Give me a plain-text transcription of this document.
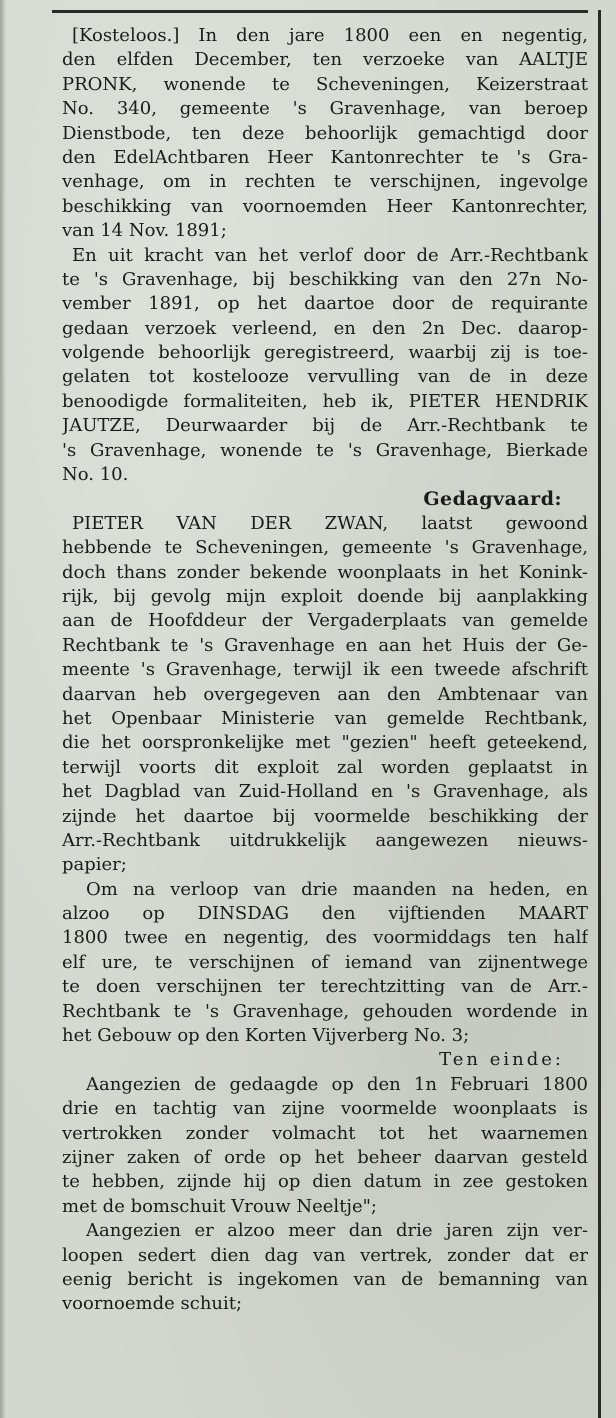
[Kosteloos.] In den jare 1800 een en negentig,
den elfden December, ten verzoeke van AALTJE
PRONK, wonende te Scheveningen, Keizerstraat
No. 340, gemeente 's Gravenhage, van beroep
Dienstbode, ten deze behoorlijk gemachtigd door
den EdelAchtbaren Heer Kantonrechter te 's Gra-
venhage, om in rechten te verschijnen, ingevolge
beschikking van voornoemden Heer Kantonrechter,
van 14 Nov. 1891;
En uit kracht van het verlof door de Arr.-Rechtbank
te 's Gravenhage, bij beschikking van den 27n No-
vember 1891, op het daartoe door de requirante
gedaan verzoek verleend, en den 2n Dec. daarop-
volgende behoorlijk geregistreerd, waarbij zij is toe-
gelaten tot kostelooze vervulling van de in deze
benoodigde formaliteiten, heb ik, PIETER HENDRIK
JAUTZE, Deurwaarder bij de Arr.-Rechtbank te
's Gravenhage, wonende te 's Gravenhage, Bierkade
No. 10.
Gedagvaard:
PIETER VAN DER ZWAN, laatst gewoond
hebbende te Scheveningen, gemeente 's Gravenhage,
doch thans zonder bekende woonplaats in het Konink-
rijk, bij gevolg mijn exploit doende bij aanplakking
aan de Hoofddeur der Vergaderplaats van gemelde
Rechtbank te 's Gravenhage en aan het Huis der Ge-
meente 's Gravenhage, terwijl ik een tweede afschrift
daarvan heb overgegeven aan den Ambtenaar van
het Openbaar Ministerie van gemelde Rechtbank,
die het oorspronkelijke met "gezien" heeft geteekend,
terwijl voorts dit exploit zal worden geplaatst in
het Dagblad van Zuid-Holland en 's Gravenhage, als
zijnde het daartoe bij voormelde beschikking der
Arr.-Rechtbank uitdrukkelijk aangewezen nieuws-
papier;
Om na verloop van drie maanden na heden, en
alzoo op DINSDAG den vijftienden MAART
1800 twee en negentig, des voormiddags ten half
elf ure, te verschijnen of iemand van zijnentwege
te doen verschijnen ter terechtzitting van de Arr.-
Rechtbank te 's Gravenhage, gehouden wordende in
het Gebouw op den Korten Vijverberg No. 3;
Ten einde:
Aangezien de gedaagde op den 1n Februari 1800
drie en tachtig van zijne voormelde woonplaats is
vertrokken zonder volmacht tot het waarnemen
zijner zaken of orde op het beheer daarvan gesteld
te hebben, zijnde hij op dien datum in zee gestoken
met de bomschuit Vrouw Neeltje";
Aangezien er alzoo meer dan drie jaren zijn ver-
loopen sedert dien dag van vertrek, zonder dat er
eenig bericht is ingekomen van de bemanning van
voornoemde schuit;
